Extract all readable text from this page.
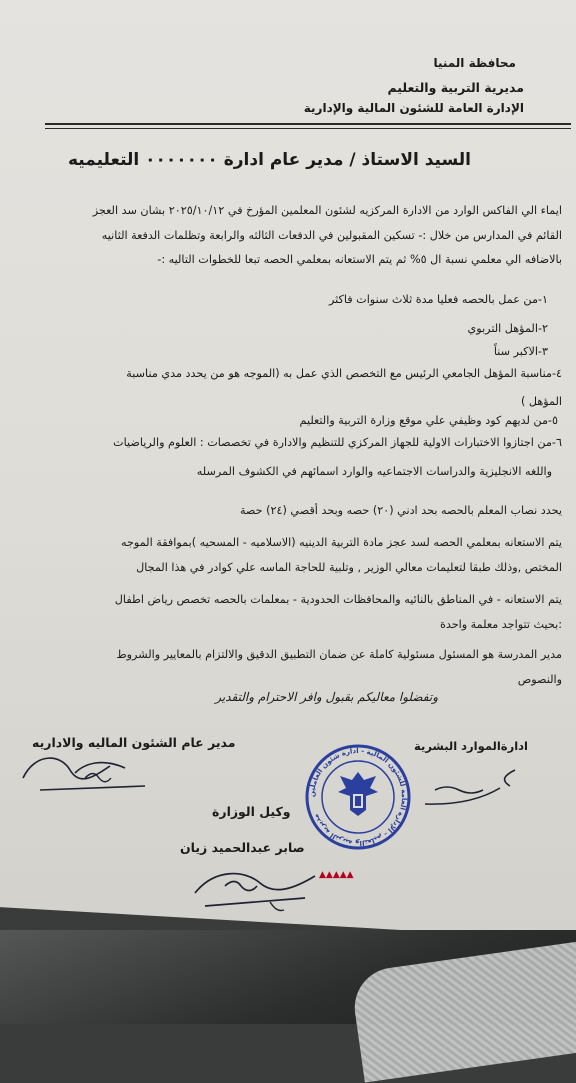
محافظة المنيا
مديرية التربية والتعليم
الإدارة العامة للشئون المالية والإدارية
السيد الاستاذ / مدير عام ادارة ٠٠٠٠٠٠٠ التعليميه
ايماء الي الفاكس الوارد من الادارة المركزيه لشئون المعلمين المؤرخ في ٢٠٢٥/١٠/١٢ بشان سد العجز
القائم في المدارس من خلال :- تسكين المقبولين في الدفعات الثالثه والرابعة وتظلمات الدفعة الثانيه
بالاضافه الي معلمي نسبة ال ٥% ثم يتم الاستعانه بمعلمي الحصه تبعا للخطوات التاليه :-
١-من عمل بالحصه فعليا مدة ثلاث سنوات فاكثر
٢-المؤهل التربوي
٣-الاكبر سناً
٤-مناسبة المؤهل الجامعي الرئيس مع التخصص الذي عمل به (الموجه هو من يحدد مدي مناسبة
المؤهل )
٥-من لديهم كود وظيفي علي موقع وزارة التربية والتعليم
٦-من اجتازوا الاختبارات الاولية للجهاز المركزي للتنظيم والادارة في تخصصات : العلوم والرياضيات
واللغه الانجليزية والدراسات الاجتماعيه والوارد اسمائهم في الكشوف المرسله
يحدد نصاب المعلم بالحصه بحد ادني (٢٠) حصه وبحد أقصي (٢٤) حصة
يتم الاستعانه بمعلمي الحصه لسد عجز مادة التربية الدينيه (الاسلاميه - المسحيه )بموافقة الموجه
المختص ,وذلك طبقا لتعليمات معالي الوزير , وتلبية للحاجة الماسه علي كوادر في هذا المجال
يتم الاستعانه - في المناطق بالنائيه والمحافظات الحدودية - بمعلمات بالحصه تخصص رياض اطفال
:بحيث تتواجد معلمة واحدة
مدير المدرسة هو المسئول مسئولية كاملة عن ضمان التطبيق الدقيق والالتزام بالمعايير والشروط
والنصوص
وتفضلوا معاليكم بقبول وافر الاحترام والتقدير
مدير عام الشئون الماليه والاداريه	ادارةالموارد البشرية
وكيل الوزارة
صابر عبدالحميد زيان
مديرية التربية والتعليم - الإدارة العامة للشئون المالية - ادارة شئون العاملين
▲▲▲▲▲
